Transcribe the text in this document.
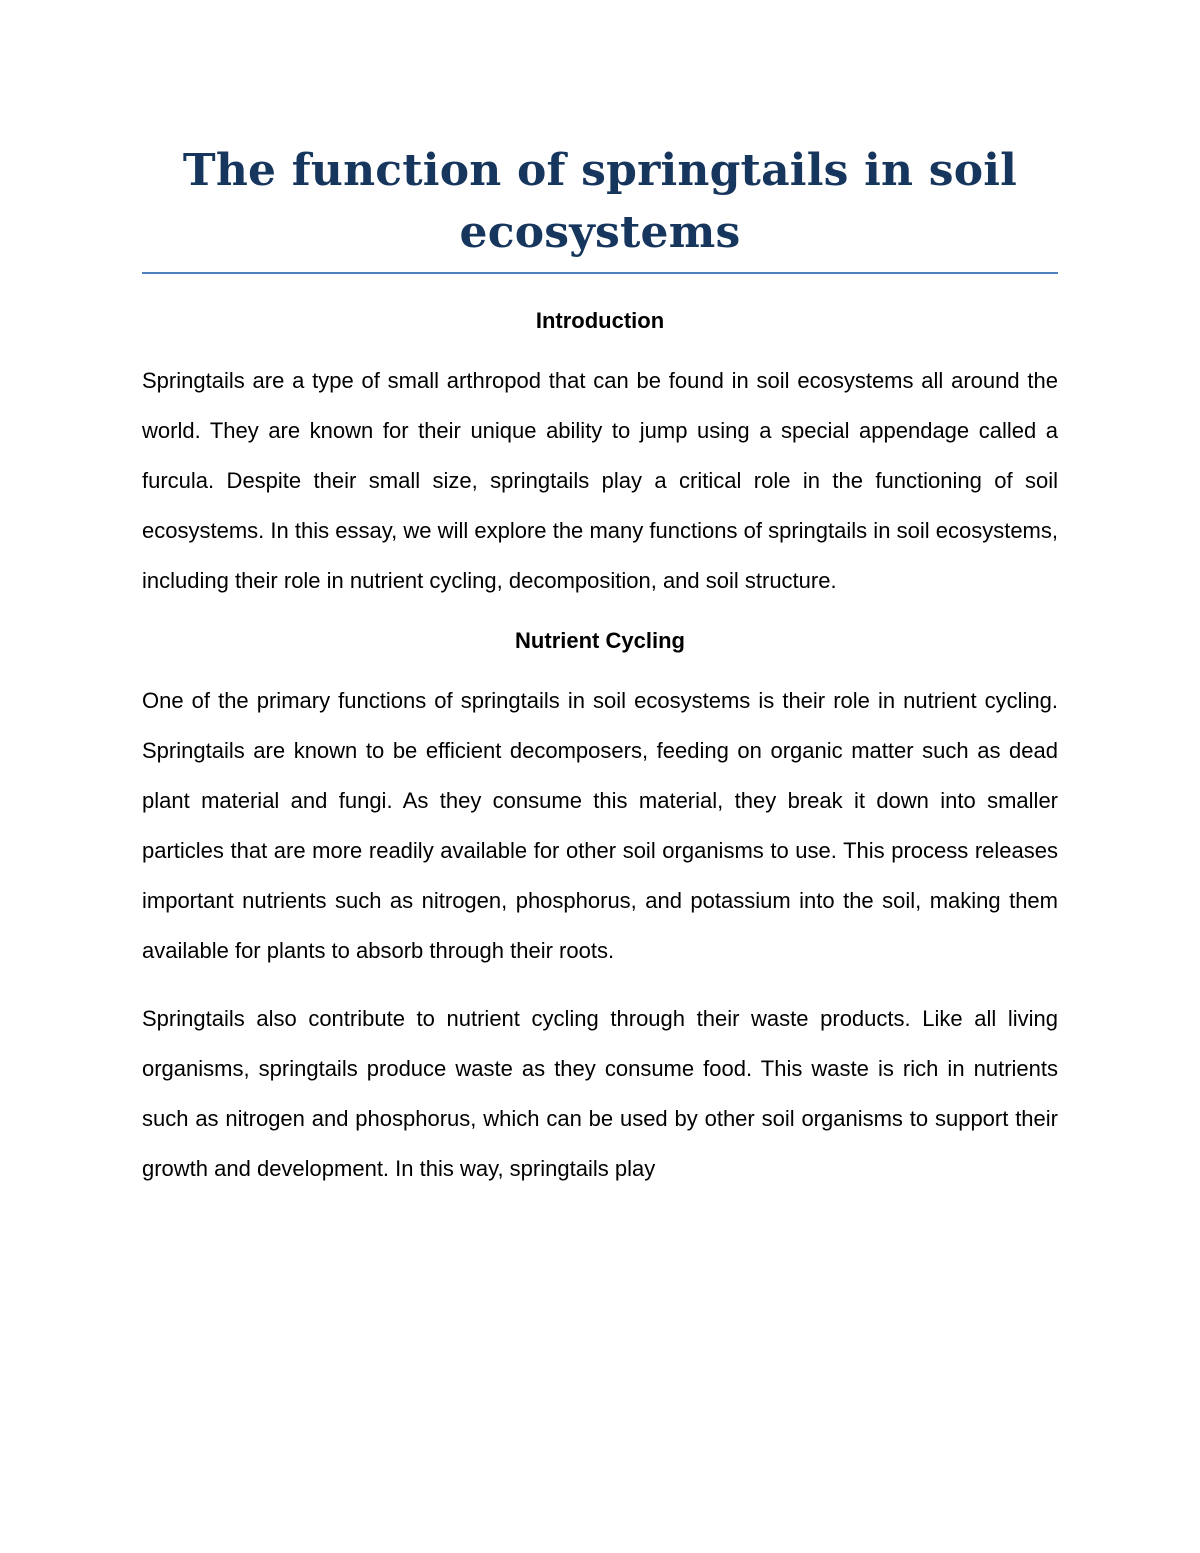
The function of springtails in soil ecosystems
Introduction

Springtails are a type of small arthropod that can be found in soil ecosystems all around the world. They are known for their unique ability to jump using a special appendage called a furcula. Despite their small size, springtails play a critical role in the functioning of soil ecosystems. In this essay, we will explore the many functions of springtails in soil ecosystems, including their role in nutrient cycling, decomposition, and soil structure.

Nutrient Cycling

One of the primary functions of springtails in soil ecosystems is their role in nutrient cycling. Springtails are known to be efficient decomposers, feeding on organic matter such as dead plant material and fungi. As they consume this material, they break it down into smaller particles that are more readily available for other soil organisms to use. This process releases important nutrients such as nitrogen, phosphorus, and potassium into the soil, making them available for plants to absorb through their roots.

Springtails also contribute to nutrient cycling through their waste products. Like all living organisms, springtails produce waste as they consume food. This waste is rich in nutrients such as nitrogen and phosphorus, which can be used by other soil organisms to support their growth and development. In this way, springtails play
